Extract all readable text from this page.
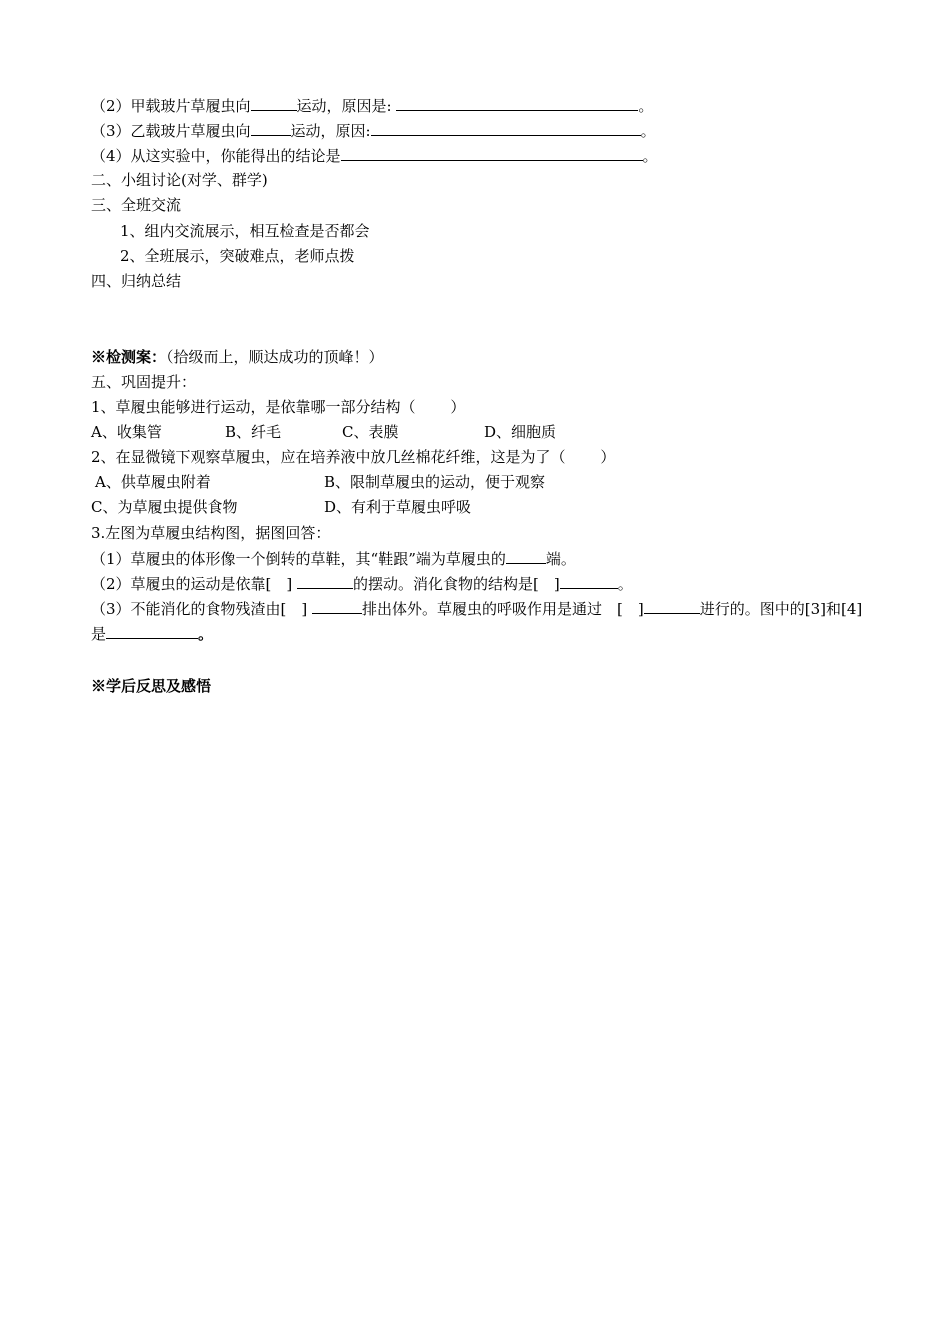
（2）甲载玻片草履虫向	运动，原因是:	。
（3）乙载玻片草履虫向	运动，原因:	。
（4）从这实验中，你能得出的结论是	。
二、小组讨论(对学、群学)
三、全班交流
1、组内交流展示，相互检查是否都会
2、全班展示，突破难点，老师点拨
四、归纳总结
※检测案：（拾级而上，顺达成功的顶峰！）
五、巩固提升：
1、草履虫能够进行运动，是依靠哪一部分结构（　　 ）
A、收集管	B、纤毛	C、表膜	D、细胞质
2、在显微镜下观察草履虫，应在培养液中放几丝棉花纤维，这是为了（　　 ）
A、供草履虫附着	B、限制草履虫的运动，便于观察
C、为草履虫提供食物	D、有利于草履虫呼吸
3.左图为草履虫结构图，据图回答：
（1）草履虫的体形像一个倒转的草鞋，其“鞋跟”端为草履虫的	端。
（2）草履虫的运动是依靠[　]	的摆动。消化食物的结构是[　]	。
（3）不能消化的食物残渣由[　]	排出体外。草履虫的呼吸作用是通过　[　]	进行的。图中的[3]和[4]是	。
※学后反思及感悟
